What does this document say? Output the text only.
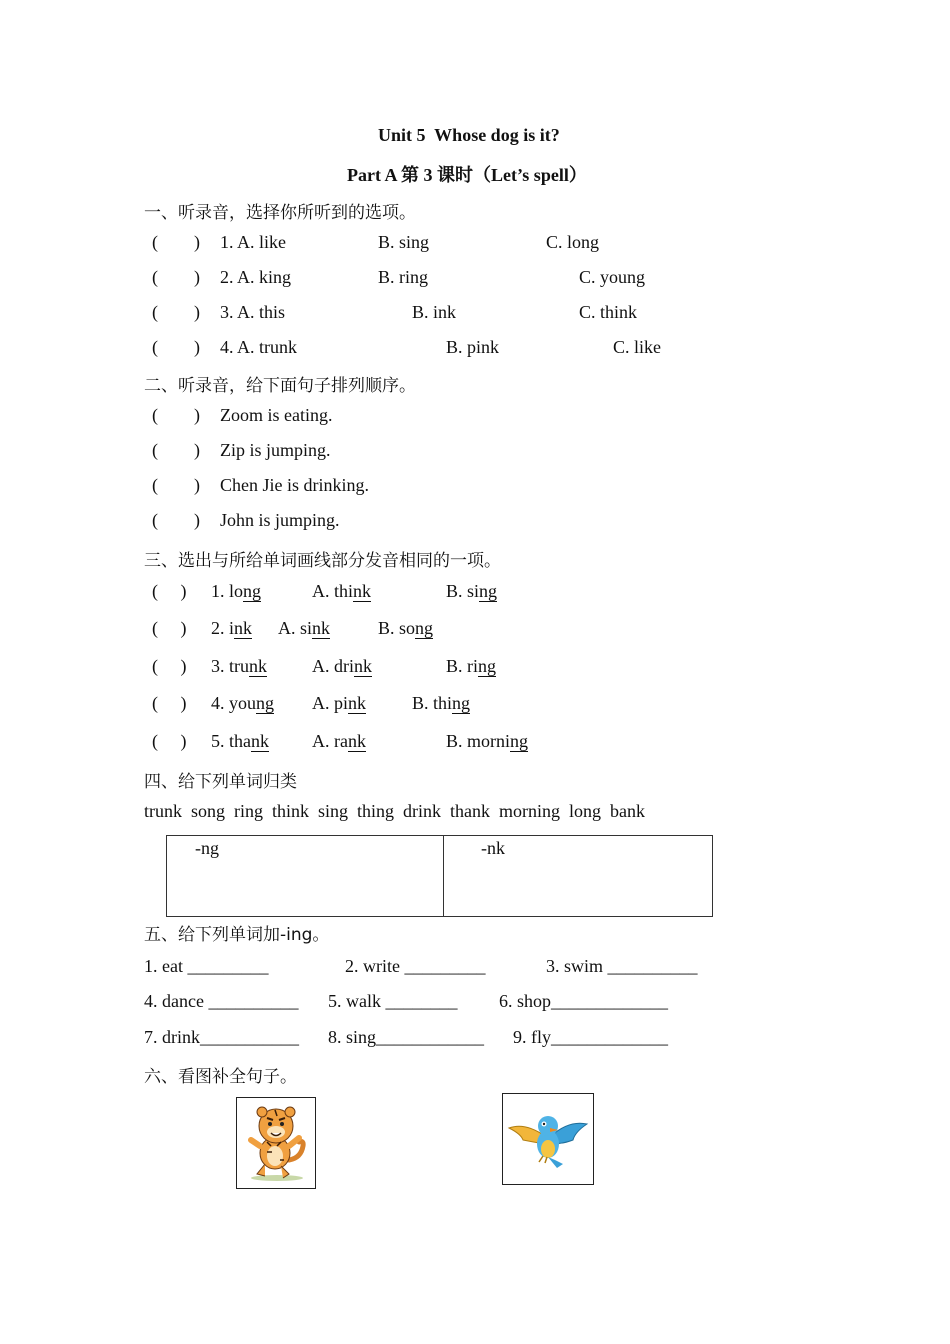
Unit 5  Whose dog is it?
Part A 第 3 课时（Let’s spell）
一、听录音，选择你所听到的选项。
(        ) 1. A. like	B. sing	C. long
(        ) 2. A. king	B. ring	C. young
(        ) 3. A. this	B. ink	C. think
(        ) 4. A. trunk	B. pink	C. like
二、听录音，给下面句子排列顺序。
(        ) Zoom is eating.
(        ) Zip is jumping.
(        ) Chen Jie is drinking.
(        ) John is jumping.
三、选出与所给单词画线部分发音相同的一项。
(     ) 1. long	A. think	B. sing
(     ) 2. ink A. sink	B. song
(     ) 3. trunk	A. drink	B. ring
(     ) 4. young A. pink	B. thing
(     ) 5. thank A. rank	B. morning
四、给下列单词归类
trunk  song  ring  think  sing  thing  drink  thank  morning  long  bank
-ng	-nk
五、给下列单词加-ing。
1. eat _________	2. write _________	3. swim __________
4. dance __________ 5. walk ________ 6. shop_____________
7. drink___________ 8. sing____________ 9. fly_____________
六、看图补全句子。
